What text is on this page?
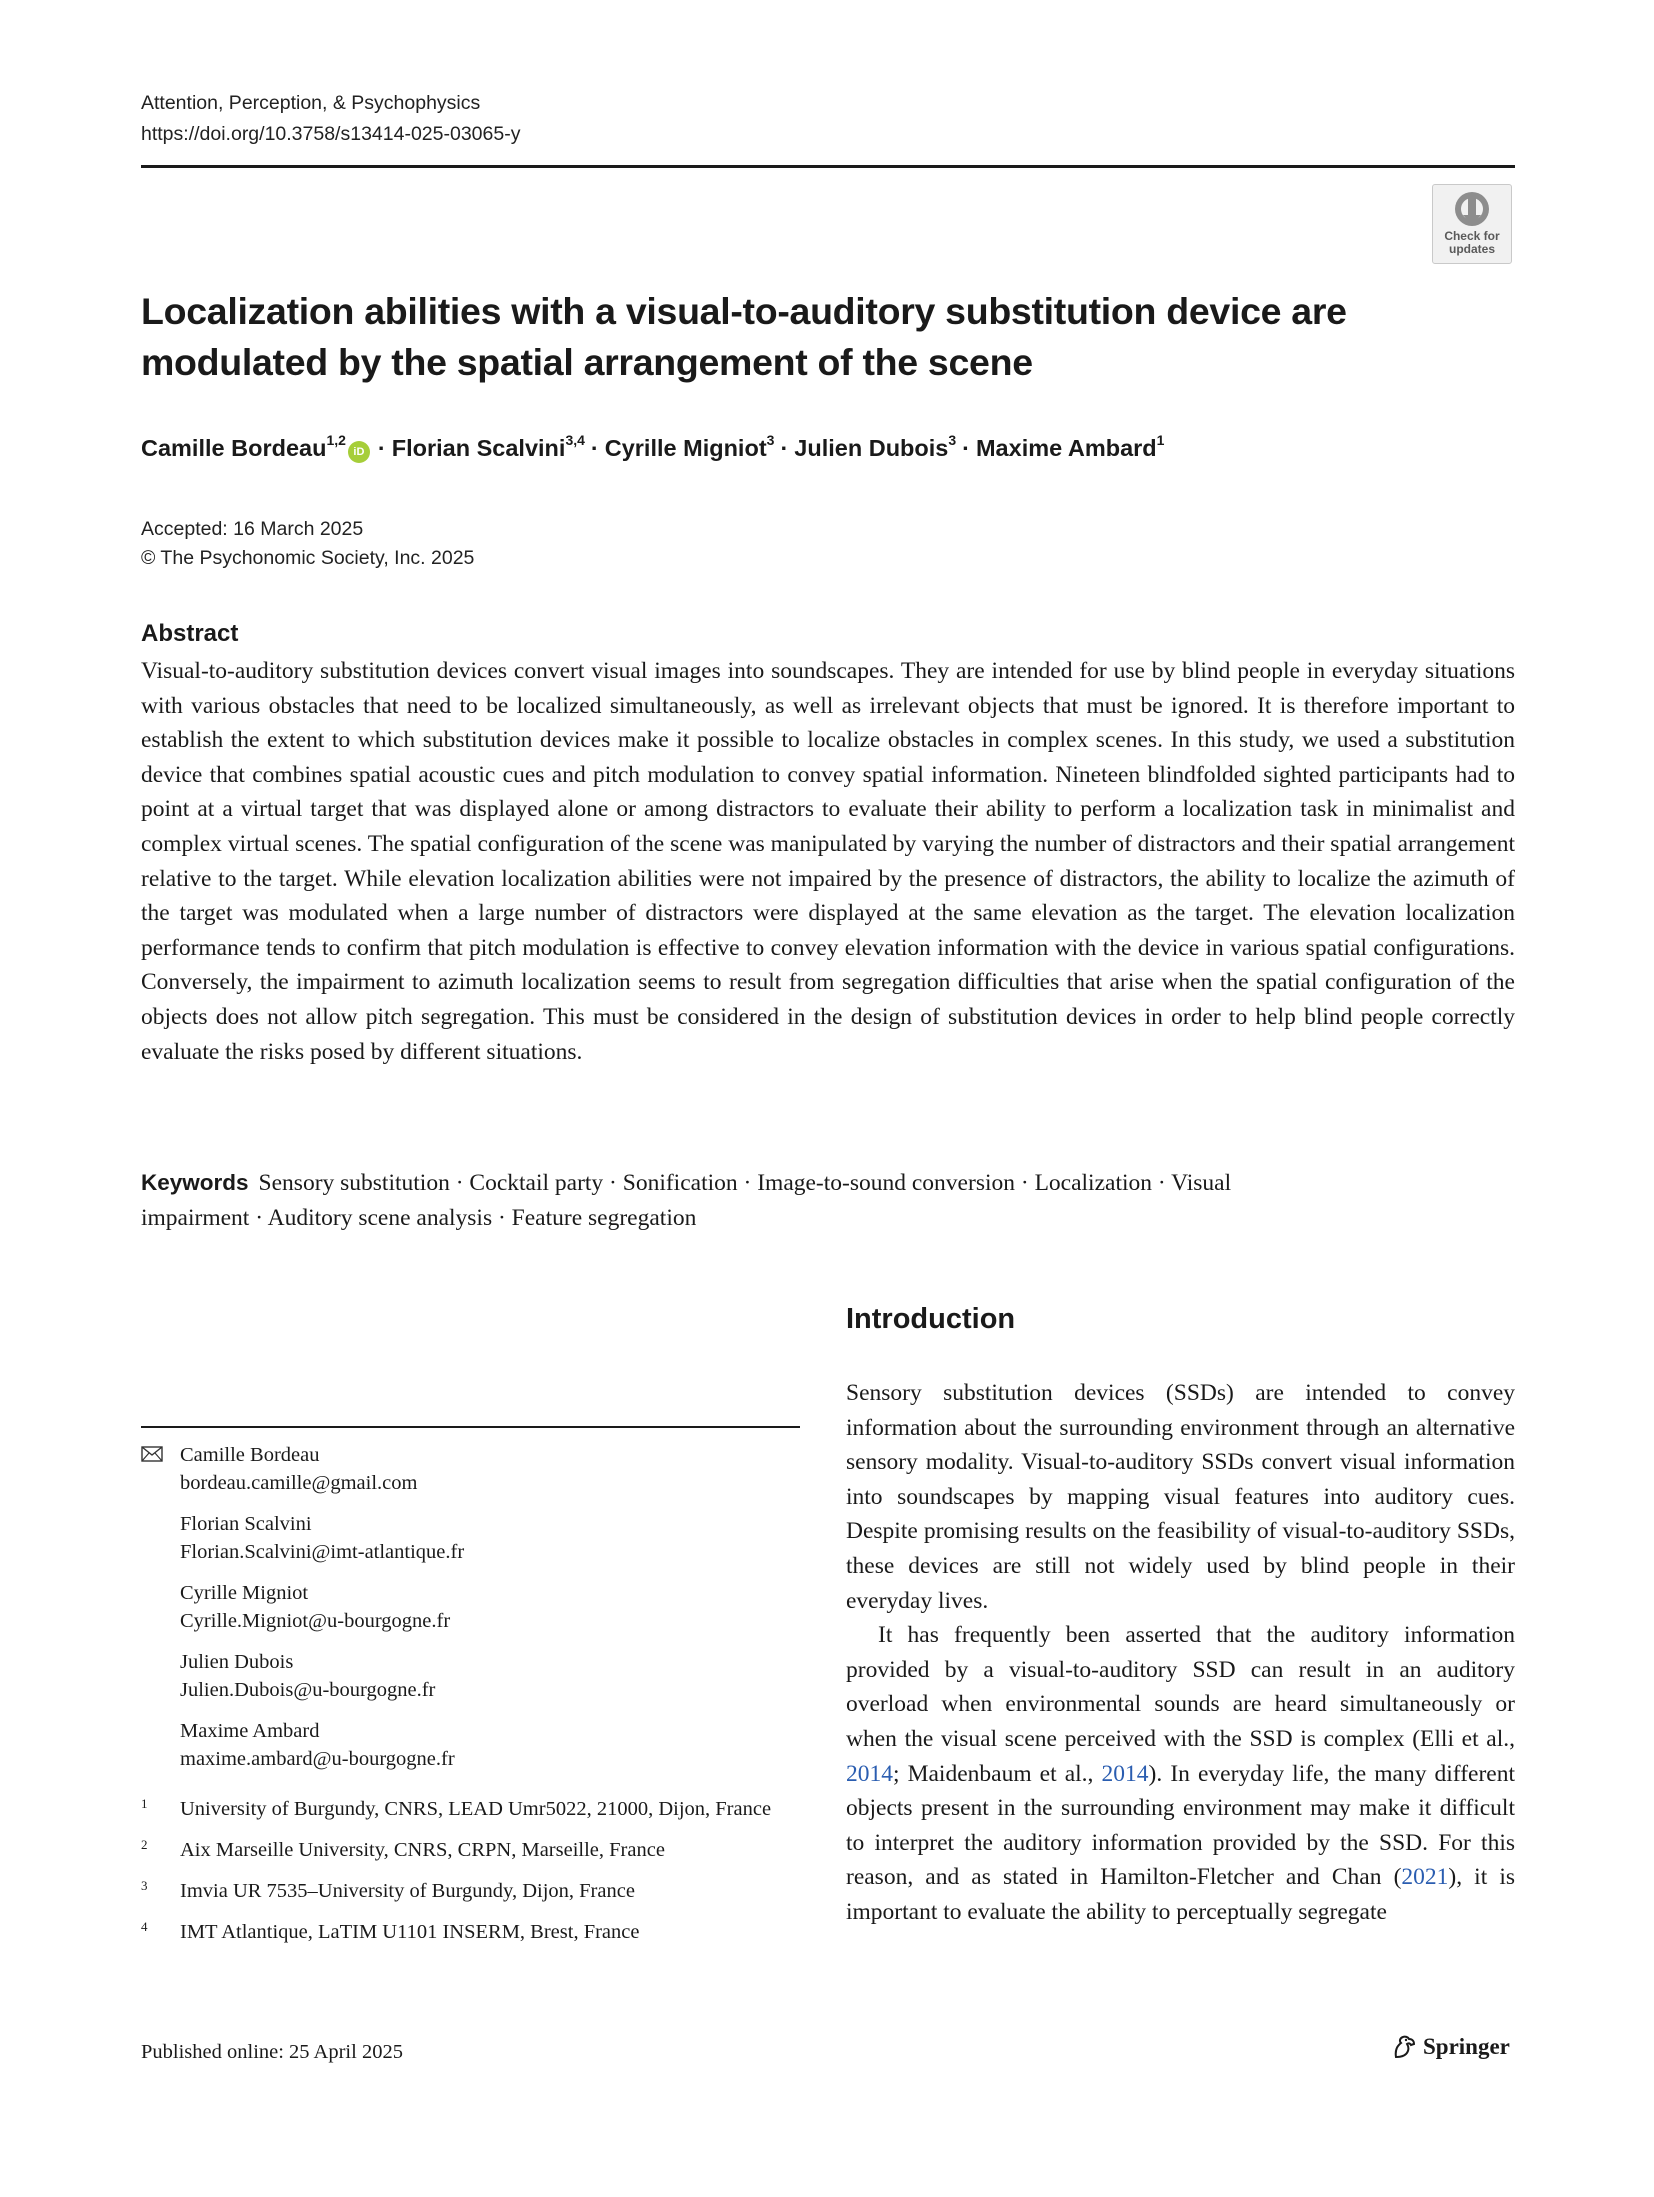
Attention, Perception, & Psychophysics
https://doi.org/10.3758/s13414-025-03065-y
Check for
updates
Localization abilities with a visual-to-auditory substitution device are
modulated by the spatial arrangement of the scene
Camille Bordeau$^{1,2}$iD · Florian Scalvini$^{3,4}$ · Cyrille Migniot$^3$ · Julien Dubois$^3$ · Maxime Ambard$^1$
Accepted: 16 March 2025
© The Psychonomic Society, Inc. 2025
Abstract
Visual-to-auditory substitution devices convert visual images into soundscapes. They are intended for use by blind people in everyday situations with various obstacles that need to be localized simultaneously, as well as irrelevant objects that must be ignored. It is therefore important to establish the extent to which substitution devices make it possible to localize obstacles in complex scenes. In this study, we used a substitution device that combines spatial acoustic cues and pitch modulation to convey spatial information. Nineteen blindfolded sighted participants had to point at a virtual target that was displayed alone or among distractors to evaluate their ability to perform a localization task in minimalist and complex virtual scenes. The spatial configuration of the scene was manipulated by varying the number of distractors and their spatial arrangement relative to the target. While elevation localization abilities were not impaired by the presence of distractors, the ability to localize the azimuth of the target was modulated when a large number of distractors were displayed at the same elevation as the target. The elevation localization performance tends to confirm that pitch modulation is effective to convey elevation information with the device in various spatial configurations. Conversely, the impairment to azimuth localization seems to result from segregation difficulties that arise when the spatial configuration of the objects does not allow pitch segregation. This must be considered in the design of substitution devices in order to help blind people correctly evaluate the risks posed by different situations.
Keywords Sensory substitution · Cocktail party · Sonification · Image-to-sound conversion · Localization · Visual
impairment · Auditory scene analysis · Feature segregation
Introduction

Sensory substitution devices (SSDs) are intended to convey information about the surrounding environment through an alternative sensory modality. Visual-to-auditory SSDs convert visual information into soundscapes by mapping visual features into auditory cues. Despite promising results on the feasibility of visual-to-auditory SSDs, these devices are still not widely used by blind people in their everyday lives.

It has frequently been asserted that the auditory information provided by a visual-to-auditory SSD can result in an auditory overload when environmental sounds are heard simultaneously or when the visual scene perceived with the SSD is complex (Elli et al., 2014; Maidenbaum et al., 2014). In everyday life, the many different objects present in the surrounding environment may make it difficult to interpret the auditory information provided by the SSD. For this reason, and as stated in Hamilton-Fletcher and Chan (2021), it is important to evaluate the ability to perceptually segregate

Camille Bordeau
bordeau.camille@gmail.com
Florian Scalvini
Florian.Scalvini@imt-atlantique.fr
Cyrille Migniot
Cyrille.Migniot@u-bourgogne.fr
Julien Dubois
Julien.Dubois@u-bourgogne.fr
Maxime Ambard
maxime.ambard@u-bourgogne.fr
1 University of Burgundy, CNRS, LEAD Umr5022, 21000, Dijon, France
2 Aix Marseille University, CNRS, CRPN, Marseille, France
3 Imvia UR 7535–University of Burgundy, Dijon, France
4 IMT Atlantique, LaTIM U1101 INSERM, Brest, France
Published online: 25 April 2025	Springer
